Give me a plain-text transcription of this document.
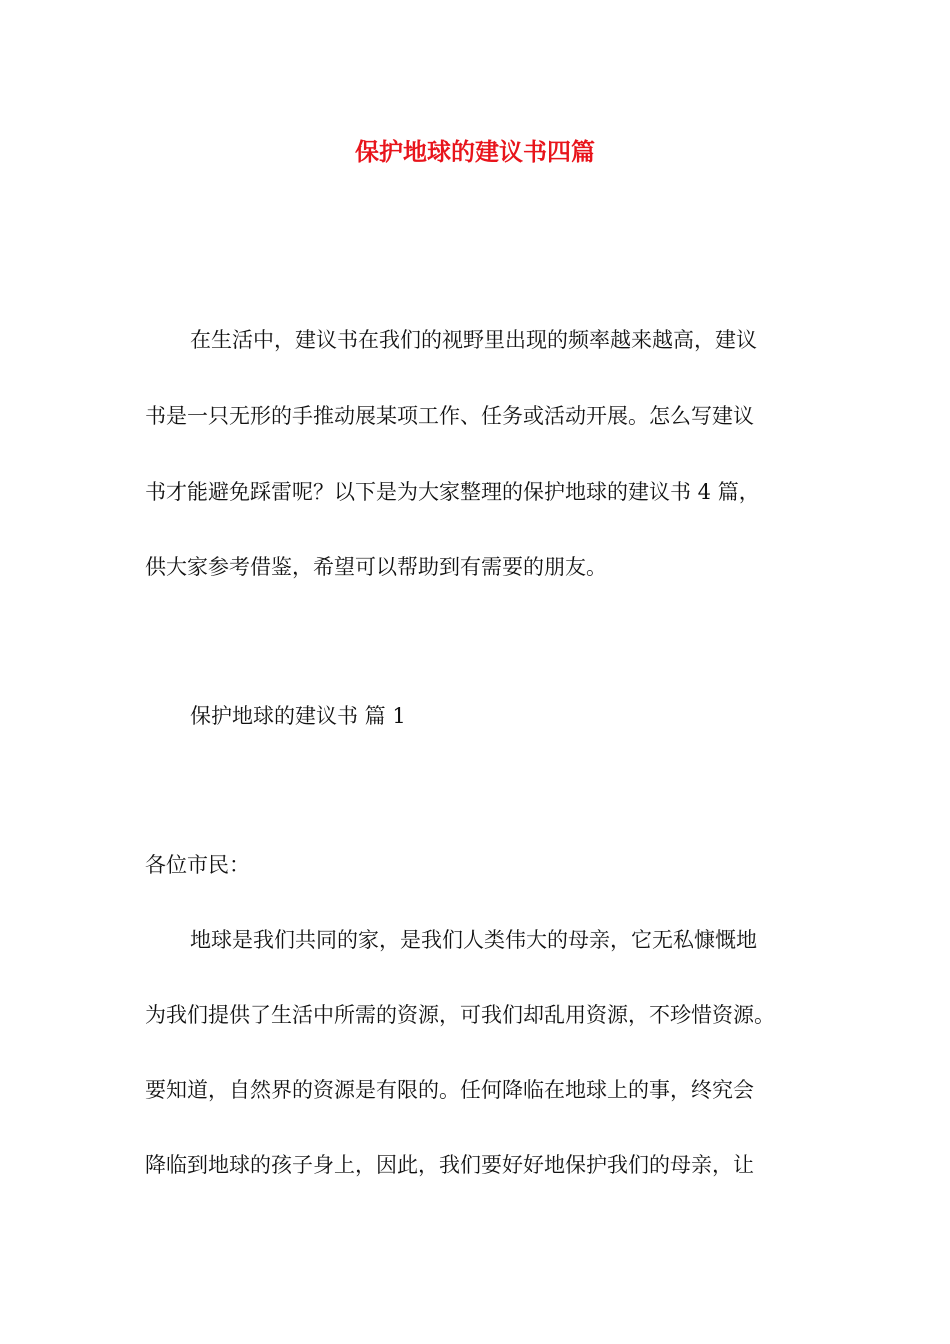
保护地球的建议书四篇

在生活中，建议书在我们的视野里出现的频率越来越高，建议

书是一只无形的手推动展某项工作、任务或活动开展。怎么写建议

书才能避免踩雷呢？以下是为大家整理的保护地球的建议书 4 篇，

供大家参考借鉴，希望可以帮助到有需要的朋友。

保护地球的建议书 篇 1

各位市民：

地球是我们共同的家，是我们人类伟大的母亲，它无私慷慨地

为我们提供了生活中所需的资源，可我们却乱用资源，不珍惜资源。

要知道，自然界的资源是有限的。任何降临在地球上的事，终究会

降临到地球的孩子身上，因此，我们要好好地保护我们的母亲，让
